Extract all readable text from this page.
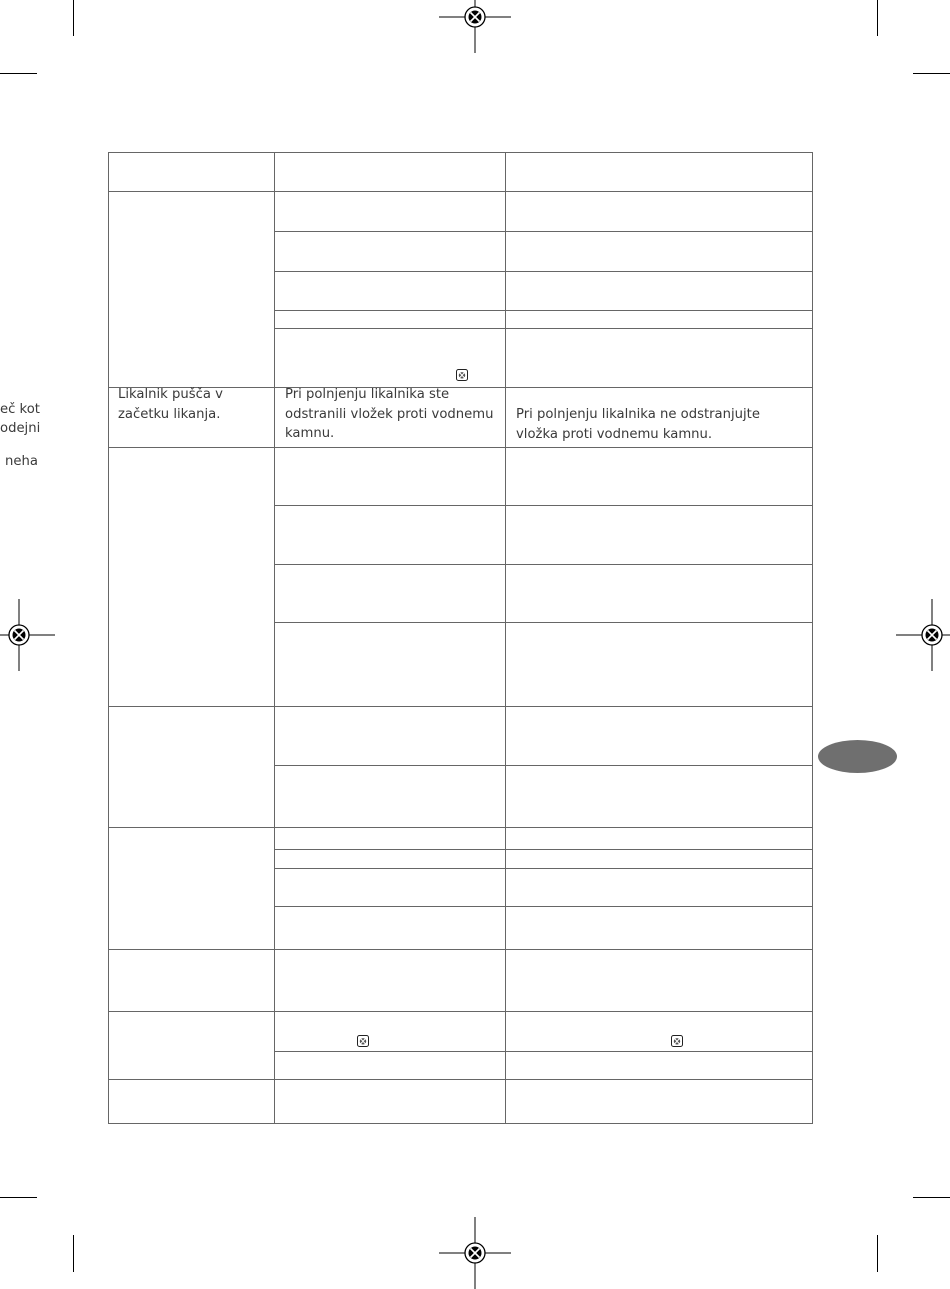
eč kot
odejni
neha
Likalnik pušča v začetku likanja.
Pri polnjenju likalnika ste odstranili vložek proti vodnemu kamnu.
Pri polnjenju likalnika ne odstranjujte vložka proti vodnemu kamnu.
